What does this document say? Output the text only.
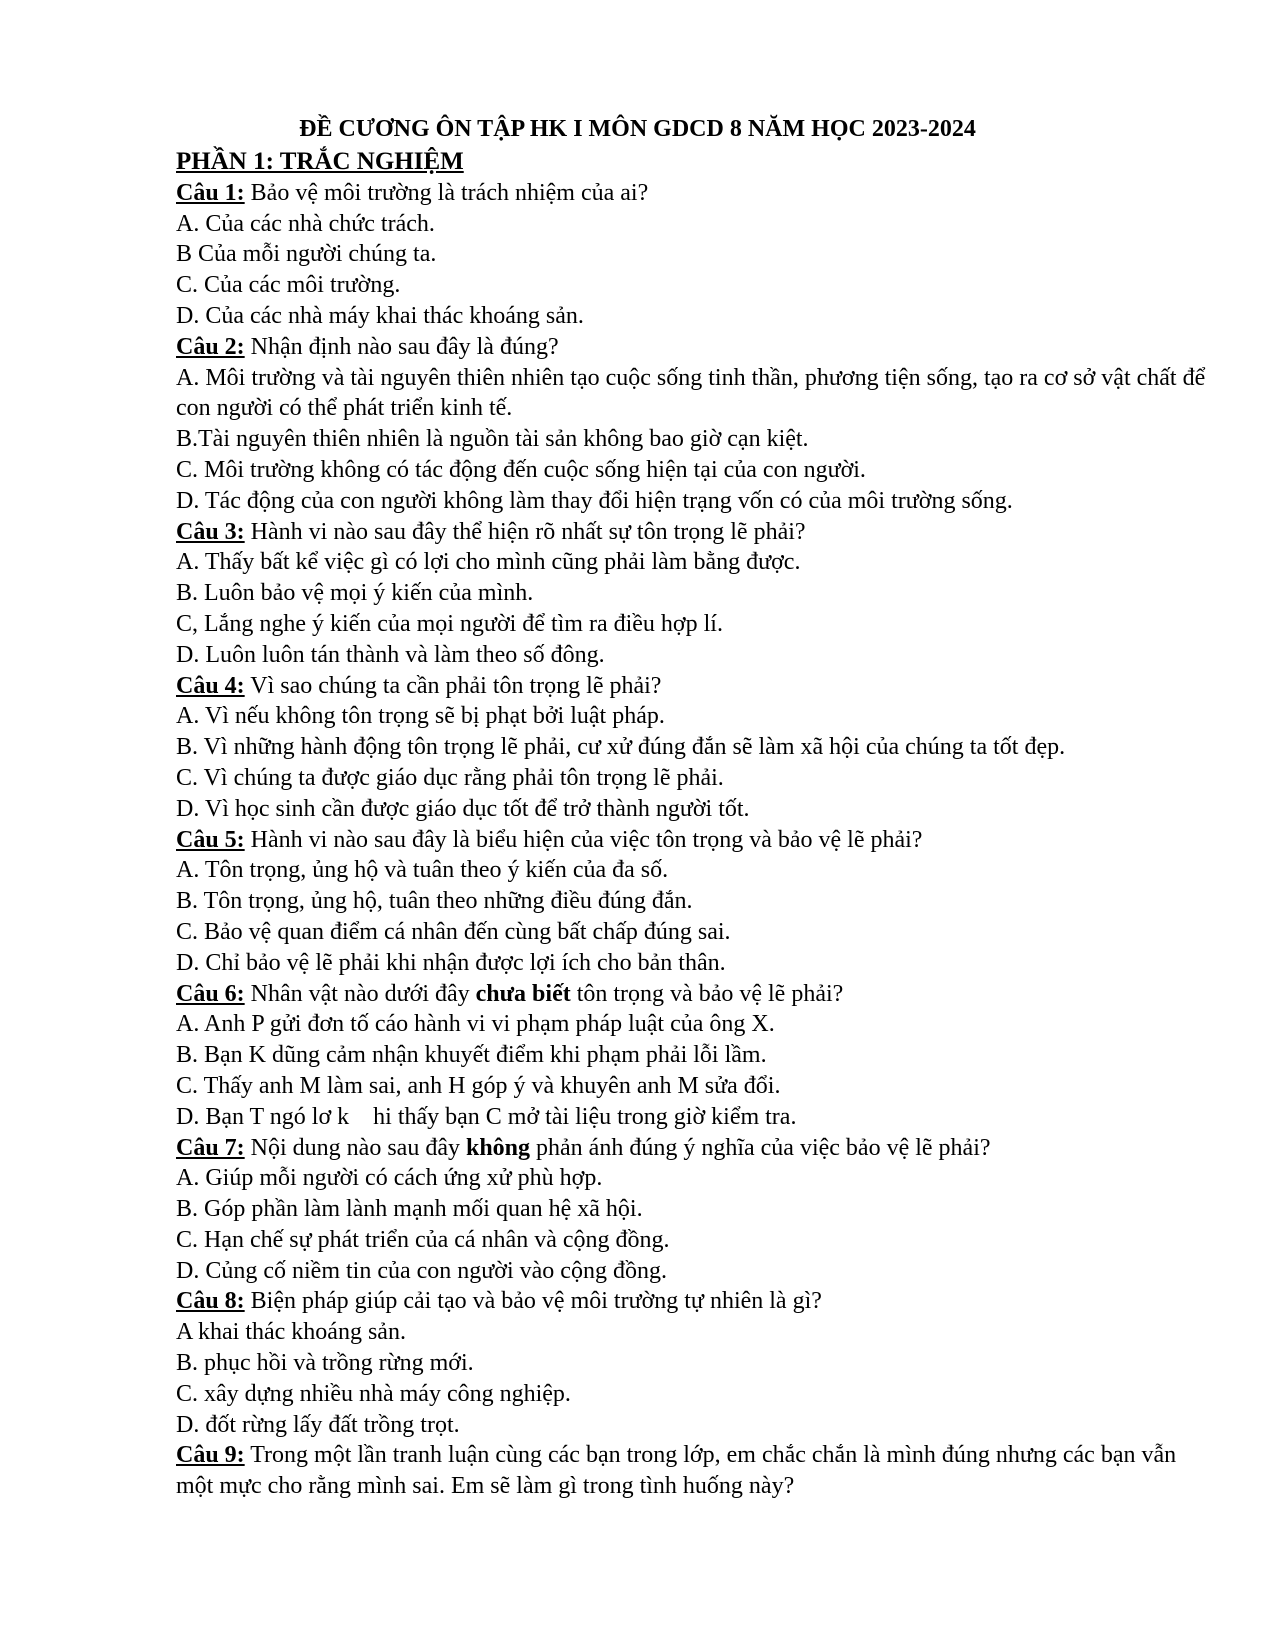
ĐỀ CƯƠNG ÔN TẬP HK I MÔN GDCD 8 NĂM HỌC 2023-2024
PHẦN 1: TRẮC NGHIỆM
Câu 1: Bảo vệ môi trường là trách nhiệm của ai?
A. Của các nhà chức trách.
B Của mỗi người chúng ta.
C. Của các môi trường.
D. Của các nhà máy khai thác khoáng sản.
Câu 2: Nhận định nào sau đây là đúng?
A. Môi trường và tài nguyên thiên nhiên tạo cuộc sống tinh thần, phương tiện sống, tạo ra cơ sở vật chất để con người có thể phát triển kinh tế.
B.Tài nguyên thiên nhiên là nguồn tài sản không bao giờ cạn kiệt.
C. Môi trường không có tác động đến cuộc sống hiện tại của con người.
D. Tác động của con người không làm thay đổi hiện trạng vốn có của môi trường sống.
Câu 3: Hành vi nào sau đây thể hiện rõ nhất sự tôn trọng lẽ phải?
A. Thấy bất kể việc gì có lợi cho mình cũng phải làm bằng được.
B. Luôn bảo vệ mọi ý kiến của mình.
C, Lắng nghe ý kiến của mọi người để tìm ra điều hợp lí.
D. Luôn luôn tán thành và làm theo số đông.
Câu 4: Vì sao chúng ta cần phải tôn trọng lẽ phải?
A. Vì nếu không tôn trọng sẽ bị phạt bởi luật pháp.
B. Vì những hành động tôn trọng lẽ phải, cư xử đúng đắn sẽ làm xã hội của chúng ta tốt đẹp.
C. Vì chúng ta được giáo dục rằng phải tôn trọng lẽ phải.
D. Vì học sinh cần được giáo dục tốt để trở thành người tốt.
Câu 5: Hành vi nào sau đây là biểu hiện của việc tôn trọng và bảo vệ lẽ phải?
A. Tôn trọng, ủng hộ và tuân theo ý kiến của đa số.
B. Tôn trọng, ủng hộ, tuân theo những điều đúng đắn.
C. Bảo vệ quan điểm cá nhân đến cùng bất chấp đúng sai.
D. Chỉ bảo vệ lẽ phải khi nhận được lợi ích cho bản thân.
Câu 6: Nhân vật nào dưới đây chưa biết tôn trọng và bảo vệ lẽ phải?
A. Anh P gửi đơn tố cáo hành vi vi phạm pháp luật của ông X.
B. Bạn K dũng cảm nhận khuyết điểm khi phạm phải lỗi lầm.
C. Thấy anh M làm sai, anh H góp ý và khuyên anh M sửa đổi.
D. Bạn T ngó lơ k    hi thấy bạn C mở tài liệu trong giờ kiểm tra.
Câu 7: Nội dung nào sau đây không phản ánh đúng ý nghĩa của việc bảo vệ lẽ phải?
A. Giúp mỗi người có cách ứng xử phù hợp.
B. Góp phần làm lành mạnh mối quan hệ xã hội.
C. Hạn chế sự phát triển của cá nhân và cộng đồng.
D. Củng cố niềm tin của con người vào cộng đồng.
Câu 8: Biện pháp giúp cải tạo và bảo vệ môi trường tự nhiên là gì?
A khai thác khoáng sản.
B. phục hồi và trồng rừng mới.
C. xây dựng nhiều nhà máy công nghiệp.
D. đốt rừng lấy đất trồng trọt.
Câu 9: Trong một lần tranh luận cùng các bạn trong lớp, em chắc chắn là mình đúng nhưng các bạn vẫn một mực cho rằng mình sai. Em sẽ làm gì trong tình huống này?
